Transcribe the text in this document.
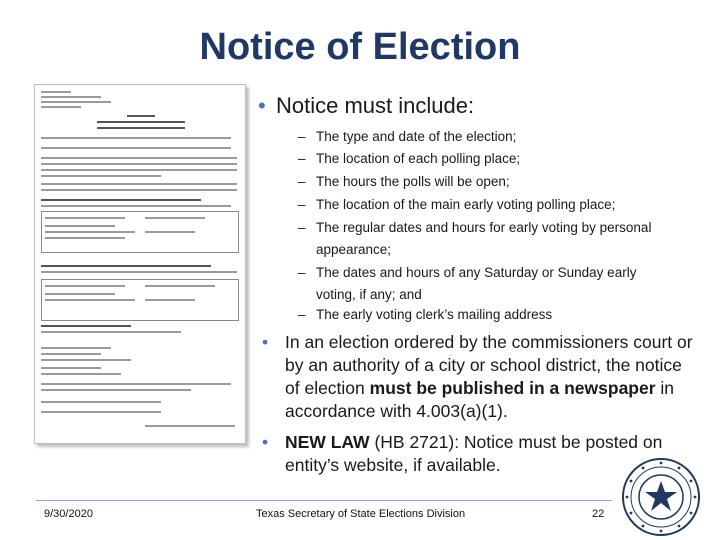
Notice of Election
• Notice must include:
– The type and date of the election;
– The location of each polling place;
– The hours the polls will be open;
– The location of the main early voting polling place;
– The regular dates and hours for early voting by personal appearance;
– The dates and hours of any Saturday or Sunday early voting, if any; and
– The early voting clerk’s mailing address
• In an election ordered by the commissioners court or by an authority of a city or school district, the notice of election must be published in a newspaper in accordance with 4.003(a)(1).
• NEW LAW (HB 2721): Notice must be posted on entity’s website, if available.
9/30/2020	Texas Secretary of State Elections Division	22
